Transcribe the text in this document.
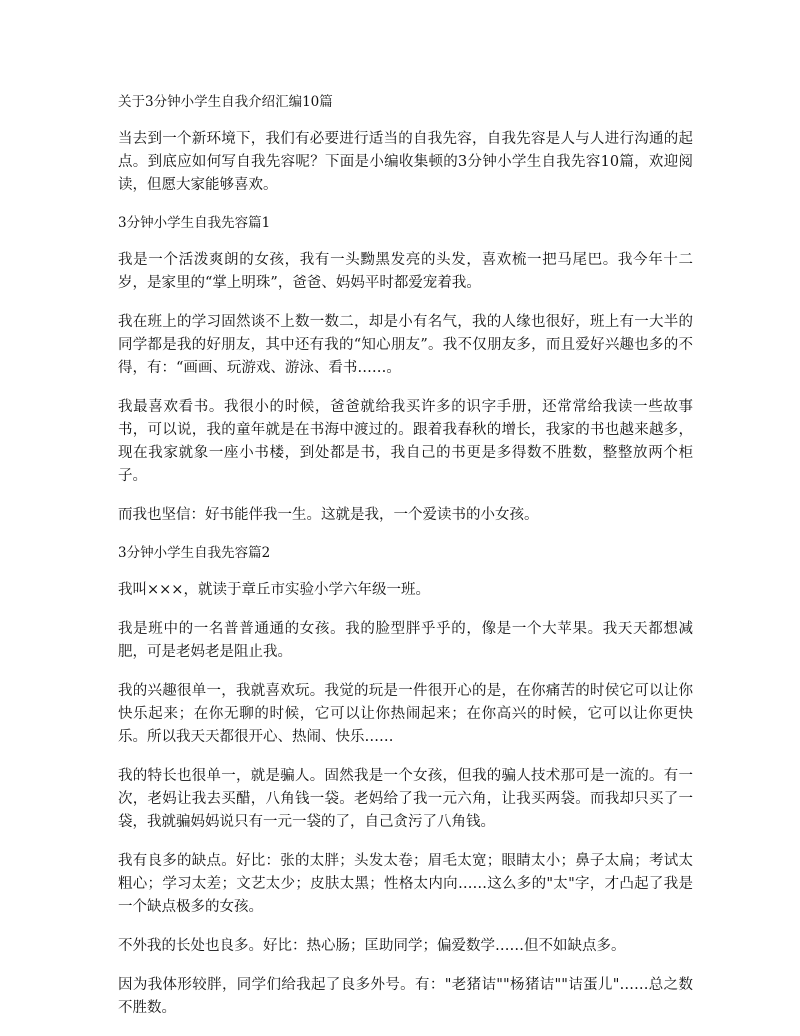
关于3分钟小学生自我介绍汇编10篇

当去到一个新环境下，我们有必要进行适当的自我先容，自我先容是人与人进行沟通的起点。到底应如何写自我先容呢？下面是小编收集顿的3分钟小学生自我先容10篇，欢迎阅读，但愿大家能够喜欢。

3分钟小学生自我先容篇1

我是一个活泼爽朗的女孩，我有一头黝黑发亮的头发，喜欢梳一把马尾巴。我今年十二岁，是家里的“掌上明珠”，爸爸、妈妈平时都爱宠着我。

我在班上的学习固然谈不上数一数二，却是小有名气，我的人缘也很好，班上有一大半的同学都是我的好朋友，其中还有我的“知心朋友”。我不仅朋友多，而且爱好兴趣也多的不得，有：“画画、玩游戏、游泳、看书……。

我最喜欢看书。我很小的时候，爸爸就给我买许多的识字手册，还常常给我读一些故事书，可以说，我的童年就是在书海中渡过的。跟着我春秋的增长，我家的书也越来越多，现在我家就象一座小书楼，到处都是书，我自己的书更是多得数不胜数，整整放两个柜子。

而我也坚信：好书能伴我一生。这就是我，一个爱读书的小女孩。

3分钟小学生自我先容篇2

我叫×××，就读于章丘市实验小学六年级一班。

我是班中的一名普普通通的女孩。我的脸型胖乎乎的，像是一个大苹果。我天天都想减肥，可是老妈老是阻止我。

我的兴趣很单一，我就喜欢玩。我觉的玩是一件很开心的是，在你痛苦的时侯它可以让你快乐起来；在你无聊的时候，它可以让你热闹起来；在你高兴的时候，它可以让你更快乐。所以我天天都很开心、热闹、快乐……

我的特长也很单一，就是骗人。固然我是一个女孩，但我的骗人技术那可是一流的。有一次，老妈让我去买醋，八角钱一袋。老妈给了我一元六角，让我买两袋。而我却只买了一袋，我就骗妈妈说只有一元一袋的了，自己贪污了八角钱。

我有良多的缺点。好比：张的太胖；头发太卷；眉毛太宽；眼睛太小；鼻子太扁；考试太粗心；学习太差；文艺太少；皮肤太黑；性格太内向……这么多的"太"字，才凸起了我是一个缺点极多的女孩。

不外我的长处也良多。好比：热心肠；匡助同学；偏爱数学……但不如缺点多。

因为我体形较胖，同学们给我起了良多外号。有："老猪诘""杨猪诘""诘蛋儿"……总之数不胜数。
